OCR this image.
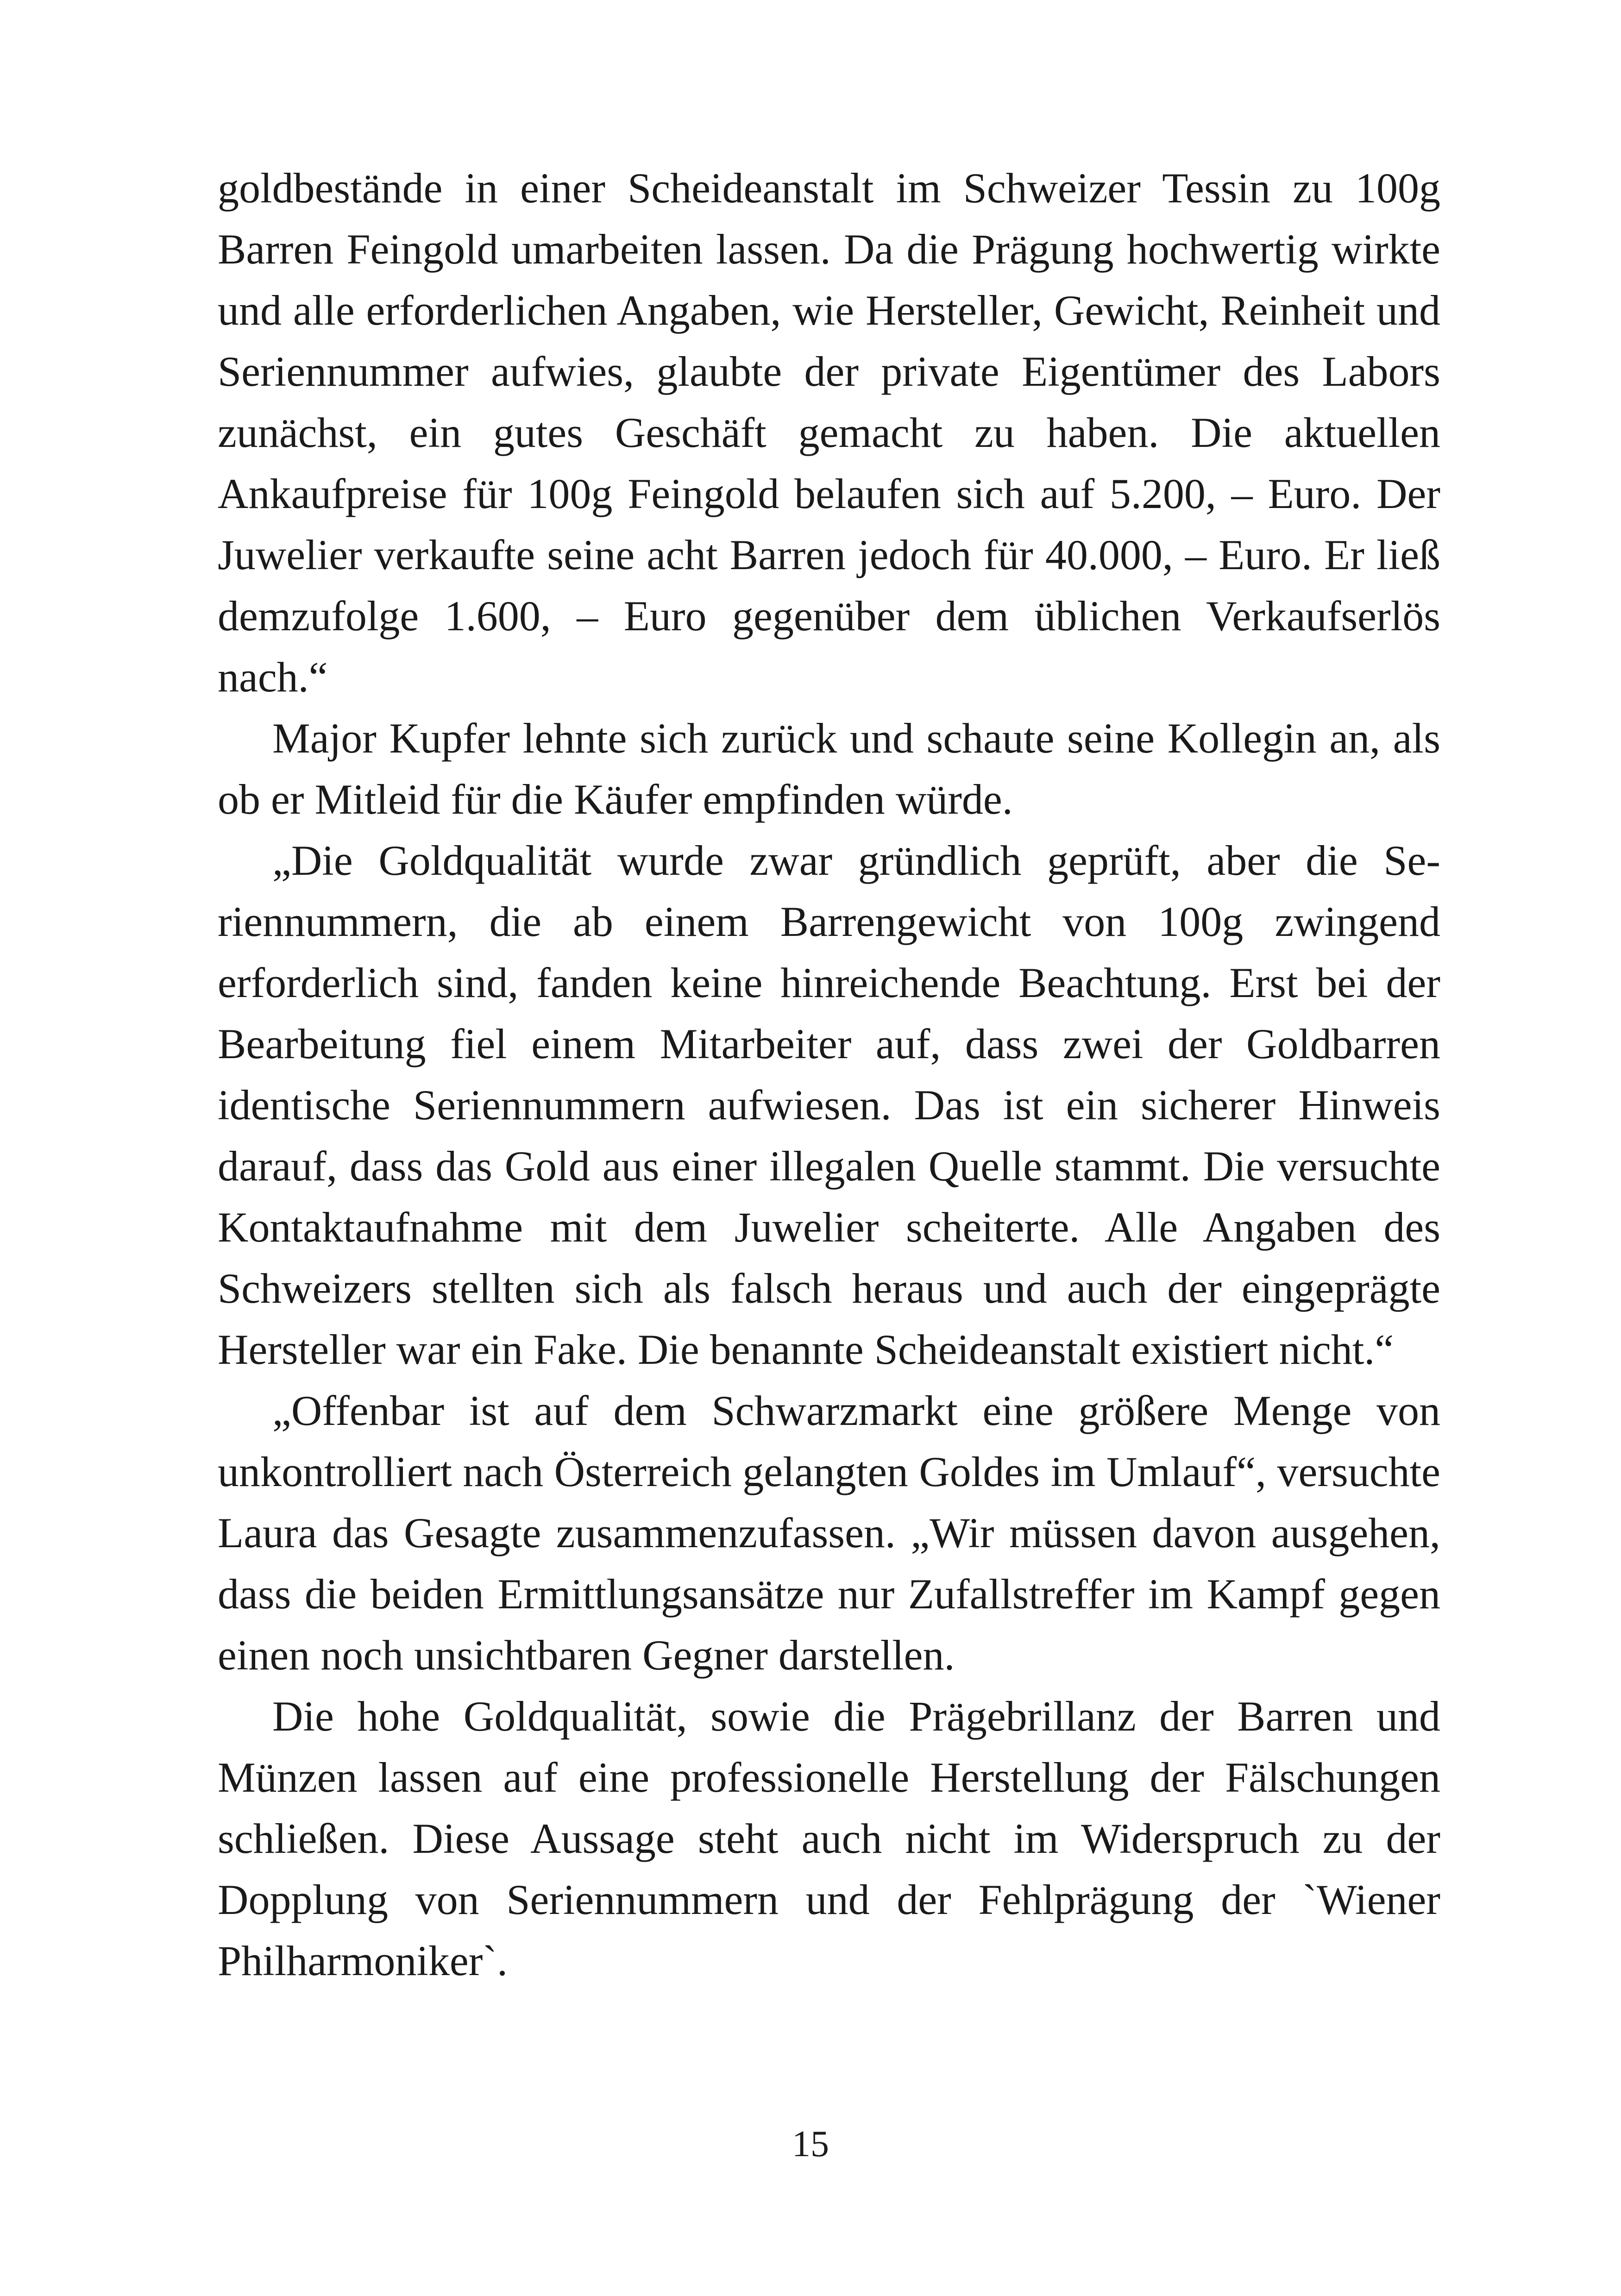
goldbestände in einer Scheideanstalt im Schweizer Tessin zu 100g Barren Feingold umarbeiten lassen. Da die Prägung hochwertig wirkte und alle erforderlichen Angaben, wie Hersteller, Gewicht, Reinheit und Seriennummer aufwies, glaubte der private Eigentümer des Labors zunächst, ein gutes Geschäft gemacht zu haben. Die aktuellen Ankaufpreise für 100g Feingold belaufen sich auf 5.200, – Euro. Der Juwelier verkaufte seine acht Barren jedoch für 40.000, – Euro. Er ließ demzufolge 1.600, – Euro gegenüber dem üblichen Verkaufserlös nach.“

Major Kupfer lehnte sich zurück und schaute seine Kollegin an, als ob er Mitleid für die Käufer empfinden würde.

„Die Goldqualität wurde zwar gründlich geprüft, aber die Seriennummern, die ab einem Barrengewicht von 100g zwingend erforderlich sind, fanden keine hinreichende Beachtung. Erst bei der Bearbeitung fiel einem Mitarbeiter auf, dass zwei der Goldbarren identische Seriennummern aufwiesen. Das ist ein sicherer Hinweis darauf, dass das Gold aus einer illegalen Quelle stammt. Die versuchte Kontaktaufnahme mit dem Juwelier scheiterte. Alle Angaben des Schweizers stellten sich als falsch heraus und auch der eingeprägte Hersteller war ein Fake. Die benannte Scheideanstalt existiert nicht.“

„Offenbar ist auf dem Schwarzmarkt eine größere Menge von unkontrolliert nach Österreich gelangten Goldes im Umlauf“, versuchte Laura das Gesagte zusammenzufassen. „Wir müssen davon ausgehen, dass die beiden Ermittlungsansätze nur Zufallstreffer im Kampf gegen einen noch unsichtbaren Gegner darstellen.

Die hohe Goldqualität, sowie die Prägebrillanz der Barren und Münzen lassen auf eine professionelle Herstellung der Fälschungen schließen. Diese Aussage steht auch nicht im Widerspruch zu der Dopplung von Seriennummern und der Fehlprägung der `Wiener Philharmoniker`.

15
